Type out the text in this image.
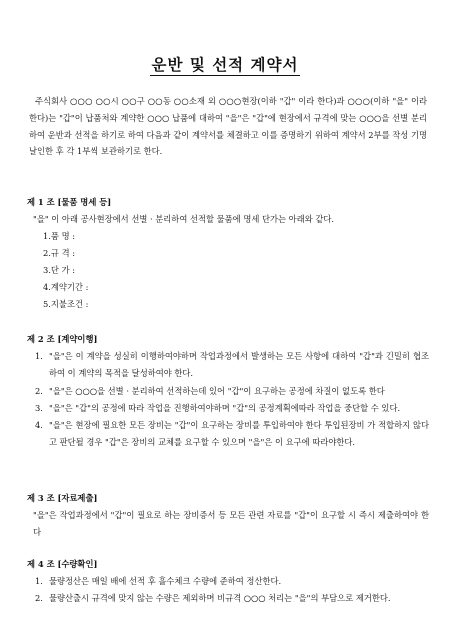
운반 및 선적 계약서

주식회사 ○○○ ○○시 ○○구 ○○동 ○○소재 외 ○○○현장(이하 "갑" 이라 한다)과 ○○○(이하 "을" 이라 한다)는 "갑"이 납품처와 계약한 ○○○ 납품에 대하여 "을"은 "갑"에 현장에서 규격에 맞는 ○○○을 선별 분리하여 운반과 선적을 하기로 하여 다음과 같이 계약서를 체결하고 이를 증명하기 위하여 계약서 2부를 작성 기명 날인한 후 각 1부씩 보관하기로 한다.

제 1 조 [물품 명세 등]

"을" 이 아래 공사현장에서 선별 · 분리하여 선적할 물품에 명세 단가는 아래와 같다.

1.품 명 :

2.규 격 :

3.단 가 :

4.계약기간 :

5.지불조건 :

제 2 조 [계약이행]

1. "을"은 이 계약을 성실히 이행하여야하며 작업과정에서 발생하는 모든 사항에 대하여 "갑"과 긴밀히 협조하여 이 계약의 목적을 달성하여야 한다.
2. "을"은 ○○○을 선별 · 분리하여 선적하는데 있어 "갑"이 요구하는 공정에 차질이 없도록 한다
3. "을"은 "갑"의 공정에 따라 작업을 진행하여야하며 "갑"의 공정계획에따라 작업을 중단할 수 있다.
4. "을"은 현장에 필요한 모든 장비는 "갑"이 요구하는 장비를 투입하여야 한다 투입된장비 가 적합하지 않다고 판단될 경우 "갑"은 장비의 교체를 요구할 수 있으며 "을"은 이 요구에 따라야한다.

제 3 조 [자료제출]

"을"은 작업과정에서 "갑"이 필요로 하는 장비증서 등 모든 관련 자료를 "갑"이 요구할 시 즉시 제출하여야 한다

제 4 조 [수량확인]

1. 물량정산은 매일 배에 선적 후 흘수체크 수량에 준하여 정산한다.
2. 물량산출시 규격에 맞지 않는 수량은 제외하며 비규격 ○○○ 처리는 "을"의 부담으로 제거한다.
